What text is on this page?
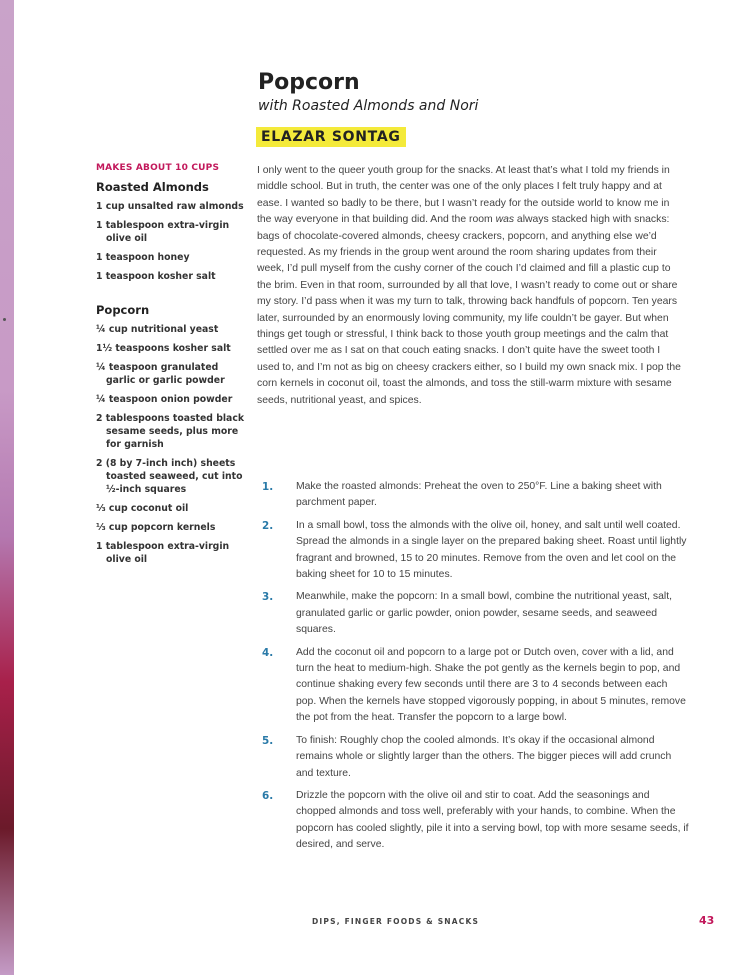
Popcorn

with Roasted Almonds and Nori

ELAZAR SONTAG

MAKES ABOUT 10 CUPS

Roasted Almonds
1 cup unsalted raw almonds
1 tablespoon extra-virgin olive oil
1 teaspoon honey
1 teaspoon kosher salt
Popcorn
¼ cup nutritional yeast
1½ teaspoons kosher salt
¼ teaspoon granulated garlic or garlic powder
¼ teaspoon onion powder
2 tablespoons toasted black sesame seeds, plus more for garnish
2 (8 by 7-inch inch) sheets toasted seaweed, cut into ½-inch squares
⅓ cup coconut oil
⅓ cup popcorn kernels
1 tablespoon extra-virgin olive oil

I only went to the queer youth group for the snacks. At least that’s what I told my friends in middle school. But in truth, the center was one of the only places I felt truly happy and at ease. I wanted so badly to be there, but I wasn’t ready for the outside world to know me in the way everyone in that building did. And the room was always stacked high with snacks: bags of chocolate-covered almonds, cheesy crackers, popcorn, and anything else we’d requested. As my friends in the group went around the room sharing updates from their week, I’d pull myself from the cushy corner of the couch I’d claimed and fill a plastic cup to the brim. Even in that room, surrounded by all that love, I wasn’t ready to come out or share my story. I’d pass when it was my turn to talk, throwing back handfuls of popcorn. Ten years later, surrounded by an enormously loving community, my life couldn’t be gayer. But when things get tough or stressful, I think back to those youth group meetings and the calm that settled over me as I sat on that couch eating snacks. I don’t quite have the sweet tooth I used to, and I’m not as big on cheesy crackers either, so I build my own snack mix. I pop the corn kernels in coconut oil, toast the almonds, and toss the still-warm mixture with sesame seeds, nutritional yeast, and spices.

1. Make the roasted almonds: Preheat the oven to 250°F. Line a baking sheet with parchment paper.
2. In a small bowl, toss the almonds with the olive oil, honey, and salt until well coated. Spread the almonds in a single layer on the prepared baking sheet. Roast until lightly fragrant and browned, 15 to 20 minutes. Remove from the oven and let cool on the baking sheet for 10 to 15 minutes.
3. Meanwhile, make the popcorn: In a small bowl, combine the nutritional yeast, salt, granulated garlic or garlic powder, onion powder, sesame seeds, and seaweed squares.
4. Add the coconut oil and popcorn to a large pot or Dutch oven, cover with a lid, and turn the heat to medium-high. Shake the pot gently as the kernels begin to pop, and continue shaking every few seconds until there are 3 to 4 seconds between each pop. When the kernels have stopped vigorously popping, in about 5 minutes, remove the pot from the heat. Transfer the popcorn to a large bowl.
5. To finish: Roughly chop the cooled almonds. It’s okay if the occasional almond remains whole or slightly larger than the others. The bigger pieces will add crunch and texture.
6. Drizzle the popcorn with the olive oil and stir to coat. Add the seasonings and chopped almonds and toss well, preferably with your hands, to combine. When the popcorn has cooled slightly, pile it into a serving bowl, top with more sesame seeds, if desired, and serve.
DIPS, FINGER FOODS & SNACKS	43
